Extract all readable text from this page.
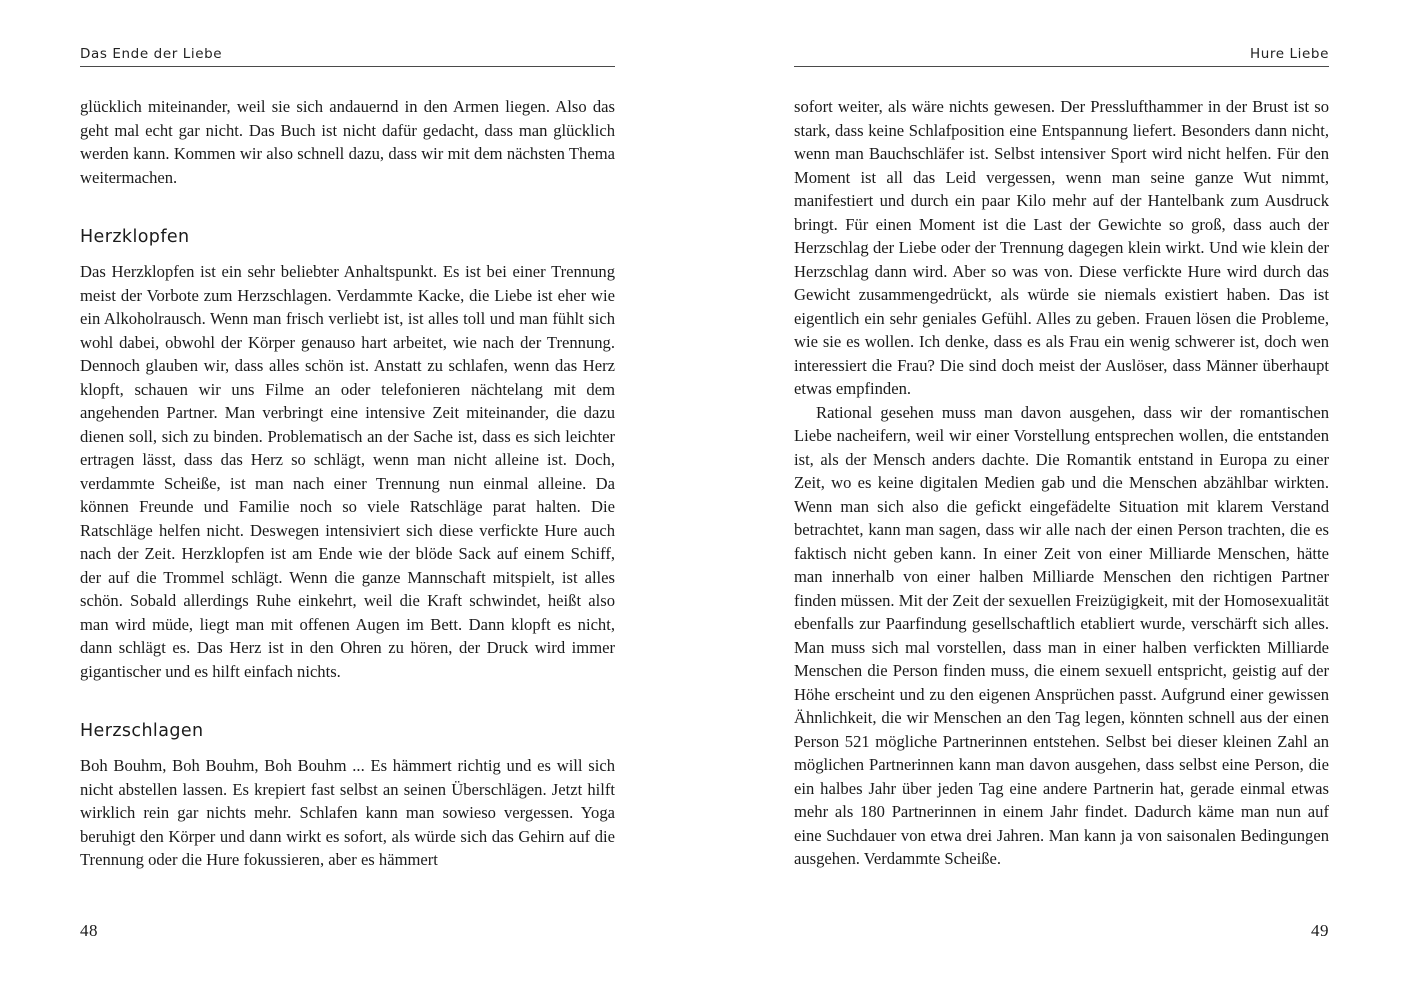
Das Ende der Liebe

glücklich miteinander, weil sie sich andauernd in den Armen liegen. Also das geht mal echt gar nicht. Das Buch ist nicht dafür gedacht, dass man glücklich werden kann. Kommen wir also schnell dazu, dass wir mit dem nächsten Thema weitermachen.

Herzklopfen

Das Herzklopfen ist ein sehr beliebter Anhaltspunkt. Es ist bei einer Trennung meist der Vorbote zum Herzschlagen. Verdammte Kacke, die Liebe ist eher wie ein Alkoholrausch. Wenn man frisch verliebt ist, ist alles toll und man fühlt sich wohl dabei, obwohl der Körper genauso hart arbeitet, wie nach der Trennung. Dennoch glauben wir, dass alles schön ist. Anstatt zu schlafen, wenn das Herz klopft, schauen wir uns Filme an oder telefonieren nächtelang mit dem angehenden Partner. Man verbringt eine intensive Zeit miteinander, die dazu dienen soll, sich zu binden. Problematisch an der Sache ist, dass es sich leichter ertragen lässt, dass das Herz so schlägt, wenn man nicht alleine ist. Doch, verdammte Scheiße, ist man nach einer Trennung nun einmal alleine. Da können Freunde und Familie noch so viele Ratschläge parat halten. Die Ratschläge helfen nicht. Deswegen intensiviert sich diese verfickte Hure auch nach der Zeit. Herzklopfen ist am Ende wie der blöde Sack auf einem Schiff, der auf die Trommel schlägt. Wenn die ganze Mannschaft mitspielt, ist alles schön. Sobald allerdings Ruhe einkehrt, weil die Kraft schwindet, heißt also man wird müde, liegt man mit offenen Augen im Bett. Dann klopft es nicht, dann schlägt es. Das Herz ist in den Ohren zu hören, der Druck wird immer gigantischer und es hilft einfach nichts.

Herzschlagen

Boh Bouhm, Boh Bouhm, Boh Bouhm ... Es hämmert richtig und es will sich nicht abstellen lassen. Es krepiert fast selbst an seinen Überschlägen. Jetzt hilft wirklich rein gar nichts mehr. Schlafen kann man sowieso vergessen. Yoga beruhigt den Körper und dann wirkt es sofort, als würde sich das Gehirn auf die Trennung oder die Hure fokussieren, aber es hämmert

48
Hure Liebe

sofort weiter, als wäre nichts gewesen. Der Presslufthammer in der Brust ist so stark, dass keine Schlafposition eine Entspannung liefert. Besonders dann nicht, wenn man Bauchschläfer ist. Selbst intensiver Sport wird nicht helfen. Für den Moment ist all das Leid vergessen, wenn man seine ganze Wut nimmt, manifestiert und durch ein paar Kilo mehr auf der Hantelbank zum Ausdruck bringt. Für einen Moment ist die Last der Gewichte so groß, dass auch der Herzschlag der Liebe oder der Trennung dagegen klein wirkt. Und wie klein der Herzschlag dann wird. Aber so was von. Diese verfickte Hure wird durch das Gewicht zusammengedrückt, als würde sie niemals existiert haben. Das ist eigentlich ein sehr geniales Gefühl. Alles zu geben. Frauen lösen die Probleme, wie sie es wollen. Ich denke, dass es als Frau ein wenig schwerer ist, doch wen interessiert die Frau? Die sind doch meist der Auslöser, dass Männer überhaupt etwas empfinden.

Rational gesehen muss man davon ausgehen, dass wir der romantischen Liebe nacheifern, weil wir einer Vorstellung entsprechen wollen, die entstanden ist, als der Mensch anders dachte. Die Romantik entstand in Europa zu einer Zeit, wo es keine digitalen Medien gab und die Menschen abzählbar wirkten. Wenn man sich also die gefickt eingefädelte Situation mit klarem Verstand betrachtet, kann man sagen, dass wir alle nach der einen Person trachten, die es faktisch nicht geben kann. In einer Zeit von einer Milliarde Menschen, hätte man innerhalb von einer halben Milliarde Menschen den richtigen Partner finden müssen. Mit der Zeit der sexuellen Freizügigkeit, mit der Homosexualität ebenfalls zur Paarfindung gesellschaftlich etabliert wurde, verschärft sich alles. Man muss sich mal vorstellen, dass man in einer halben verfickten Milliarde Menschen die Person finden muss, die einem sexuell entspricht, geistig auf der Höhe erscheint und zu den eigenen Ansprüchen passt. Aufgrund einer gewissen Ähnlichkeit, die wir Menschen an den Tag legen, könnten schnell aus der einen Person 521 mögliche Partnerinnen entstehen. Selbst bei dieser kleinen Zahl an möglichen Partnerinnen kann man davon ausgehen, dass selbst eine Person, die ein halbes Jahr über jeden Tag eine andere Partnerin hat, gerade einmal etwas mehr als 180 Partnerinnen in einem Jahr findet. Dadurch käme man nun auf eine Suchdauer von etwa drei Jahren. Man kann ja von saisonalen Bedingungen ausgehen. Verdammte Scheiße.

49
